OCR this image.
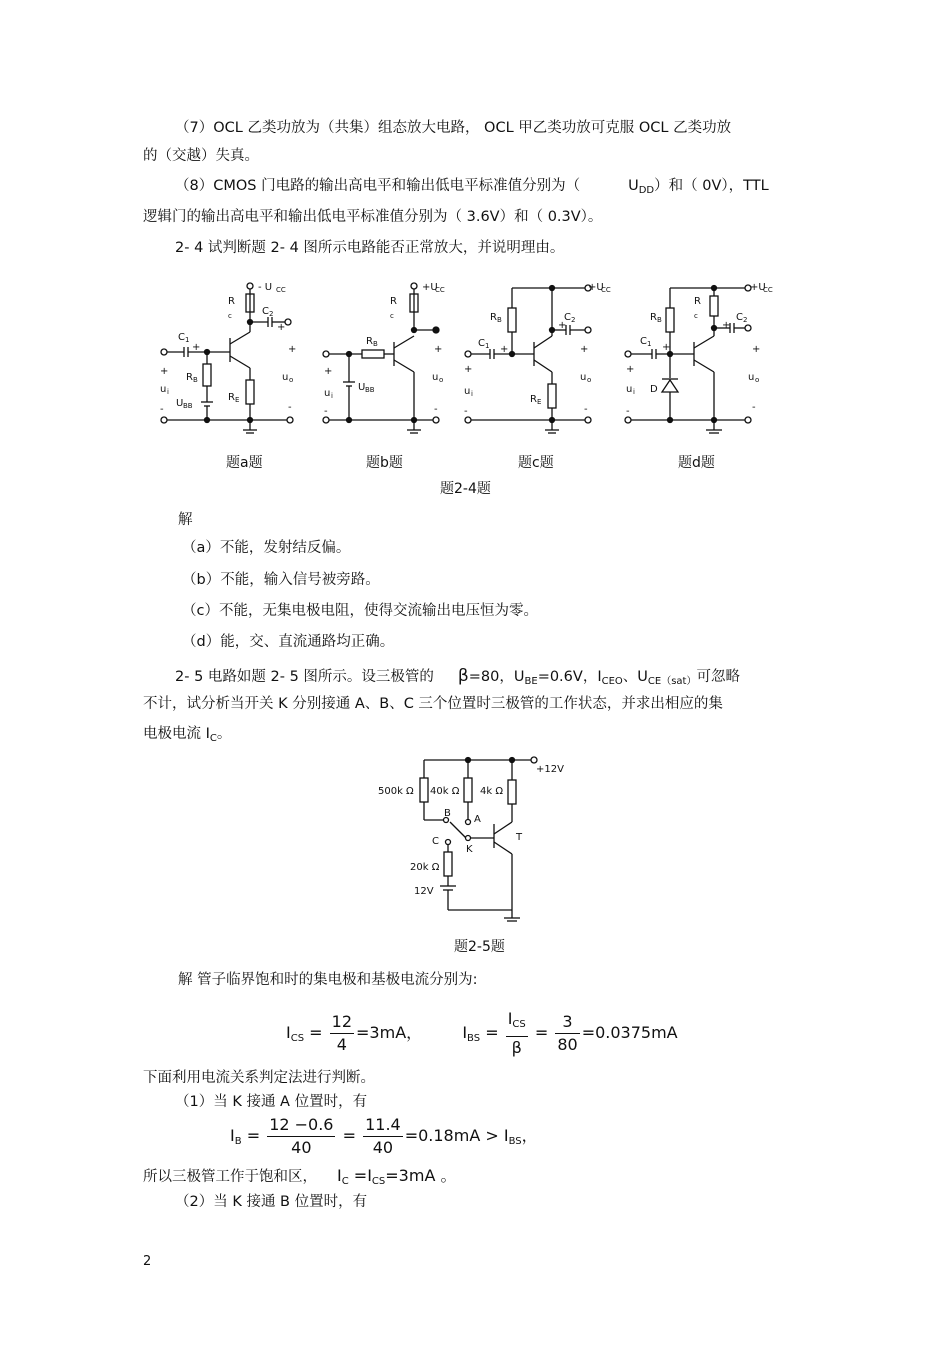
（7）OCL 乙类功放为（共集）组态放大电路， OCL 甲乙类功放可克服 OCL 乙类功放
的（交越）失真。
（8）CMOS 门电路的输出高电平和输出低电平标准值分别为（	$U_{DD}$）和（ 0V），TTL
逻辑门的输出高电平和输出低电平标准值分别为（ 3.6V）和（ 0.3V）。
2- 4 试判断题 2- 4 图所示电路能否正常放大，并说明理由。
- U CC
R
c	C 2
+
+
C 1
+
+
u i
-
R B
U BB
R E
u o
-
+U
CC
R
c
R B	+
+
u i
-
U BB
u o
-
+U
CC
R B	C 2
+
+
C 1 +
+
u i
-
R E
u o
-
+U
CC
R
c
R B	C 2
+
+
C 1 +
+
u i
-
D
u o
-
题a题	题b题	题c题	题d题
题2-4题
解
（a）不能，发射结反偏。
（b）不能，输入信号被旁路。
（c）不能，无集电极电阻，使得交流输出电压恒为零。
（d）能，交、直流通路均正确。
2- 5 电路如题 2- 5 图所示。设三极管的 β=80，$U_{BE}=0.6V$，$I_{CEO}$、$U_{CE(sat)}$可忽略
不计，试分析当开关 K 分别接通 A、B、C 三个位置时三极管的工作状态，并求出相应的集
电极电流 $I_C$。
500k Ω 40k Ω 4k Ω
+12V
B
A
C
K
T
20k Ω
12V
题2-5题
解 管子临界饱和时的集电极和基极电流分别为:
$I_{CS} = \frac{12}{4} =3mA$，	$I_{BS} = \frac{I_{CS}}{\beta} = \frac{3}{80} =0.0375mA$
下面利用电流关系判定法进行判断。
（1）当 K 接通 A 位置时，有
$I_B = \frac{12 -0.6}{40} = \frac{11.4}{40} =0.18mA > I_{BS}$，
所以三极管工作于饱和区， $I_C =I_{CS}=3mA$ 。
（2）当 K 接通 B 位置时，有
2
